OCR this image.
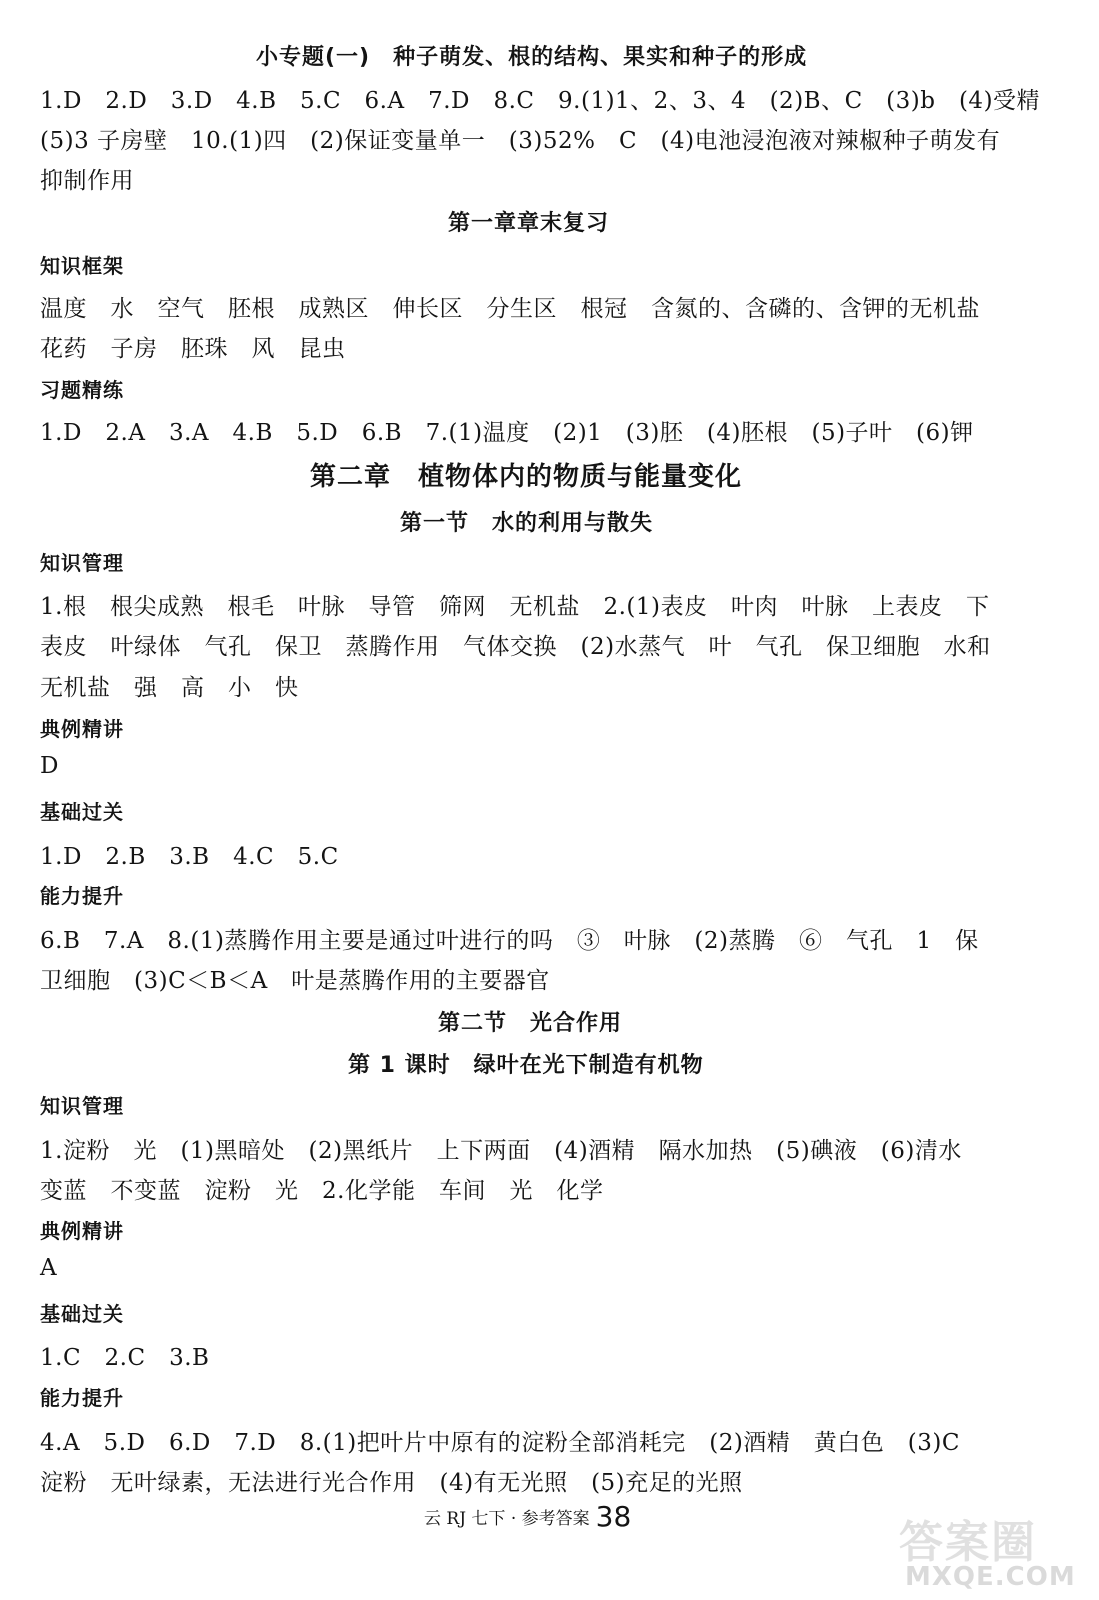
小专题(一)　种子萌发、根的结构、果实和种子的形成
1.D　2.D　3.D　4.B　5.C　6.A　7.D　8.C　9.(1)1、2、3、4　(2)B、C　(3)b　(4)受精
(5)3 子房壁　10.(1)四　(2)保证变量单一　(3)52%　C　(4)电池浸泡液对辣椒种子萌发有
抑制作用
第一章章末复习
知识框架
温度　水　空气　胚根　成熟区　伸长区　分生区　根冠　含氮的、含磷的、含钾的无机盐
花药　子房　胚珠　风　昆虫
习题精练
1.D　2.A　3.A　4.B　5.D　6.B　7.(1)温度　(2)1　(3)胚　(4)胚根　(5)子叶　(6)钾
第二章　植物体内的物质与能量变化
第一节　水的利用与散失
知识管理
1.根　根尖成熟　根毛　叶脉　导管　筛网　无机盐　2.(1)表皮　叶肉　叶脉　上表皮　下
表皮　叶绿体　气孔　保卫　蒸腾作用　气体交换　(2)水蒸气　叶　气孔　保卫细胞　水和
无机盐　强　高　小　快
典例精讲
D
基础过关
1.D　2.B　3.B　4.C　5.C
能力提升
6.B　7.A　8.(1)蒸腾作用主要是通过叶进行的吗　③　叶脉　(2)蒸腾　⑥　气孔　1　保
卫细胞　(3)C＜B＜A　叶是蒸腾作用的主要器官
第二节　光合作用
第 1 课时　绿叶在光下制造有机物
知识管理
1.淀粉　光　(1)黑暗处　(2)黑纸片　上下两面　(4)酒精　隔水加热　(5)碘液　(6)清水
变蓝　不变蓝　淀粉　光　2.化学能　车间　光　化学
典例精讲
A
基础过关
1.C　2.C　3.B
能力提升
4.A　5.D　6.D　7.D　8.(1)把叶片中原有的淀粉全部消耗完　(2)酒精　黄白色　(3)C
淀粉　无叶绿素，无法进行光合作用　(4)有无光照　(5)充足的光照
云 RJ 七下 · 参考答案 38
答案圈
MXQE.COM
